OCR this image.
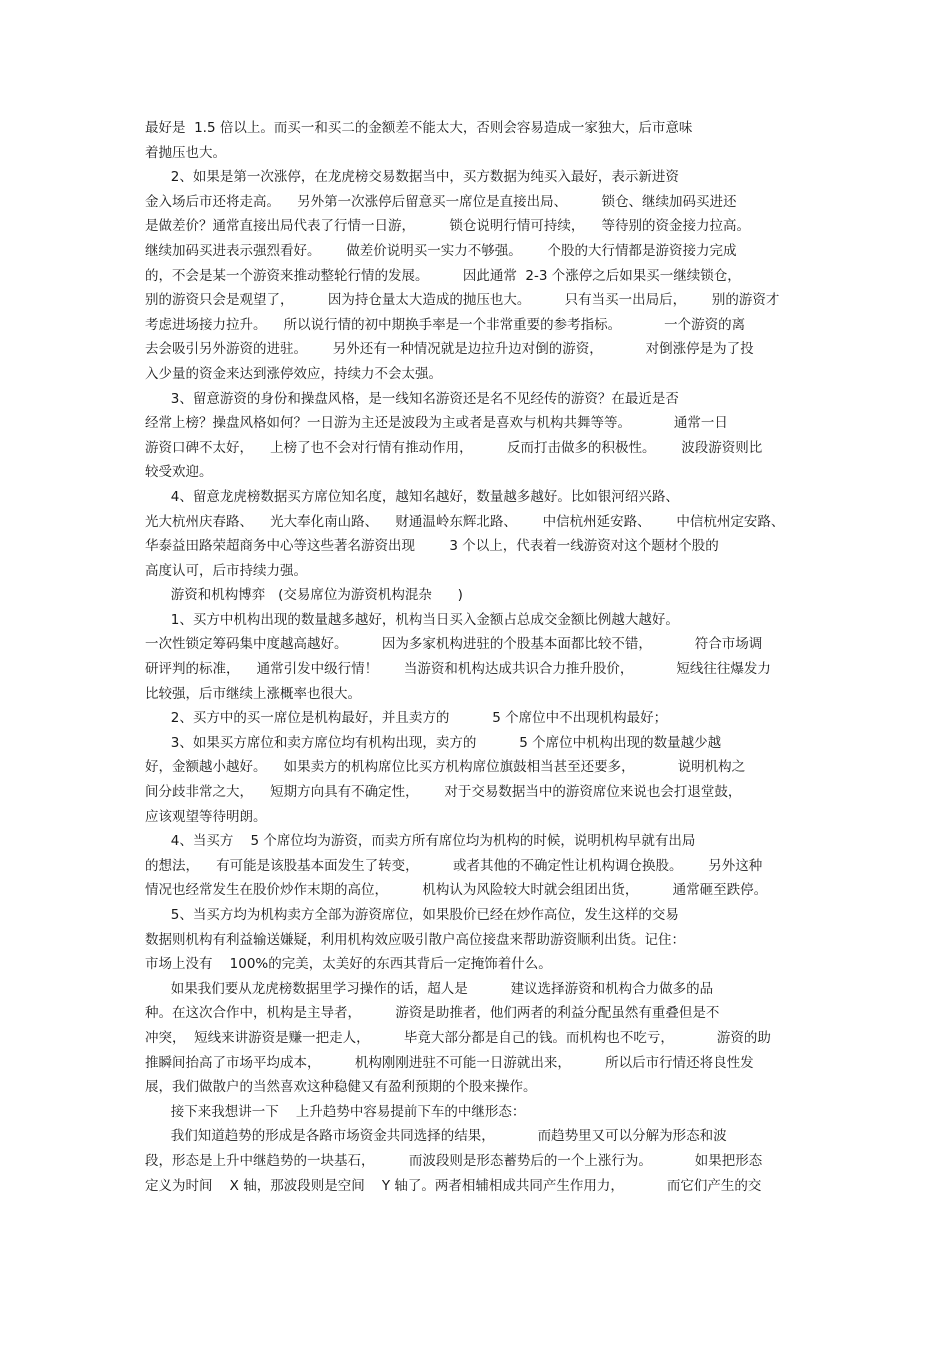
最好是  1.5 倍以上。而买一和买二的金额差不能太大，否则会容易造成一家独大，后市意味
着抛压也大。
2、如果是第一次涨停，在龙虎榜交易数据当中，买方数据为纯买入最好，表示新进资
金入场后市还将走高。    另外第一次涨停后留意买一席位是直接出局、        锁仓、继续加码买进还
是做差价？通常直接出局代表了行情一日游，        锁仓说明行情可持续，    等待别的资金接力拉高。
继续加码买进表示强烈看好。      做差价说明买一实力不够强。      个股的大行情都是游资接力完成
的，不会是某一个游资来推动整轮行情的发展。        因此通常  2-3 个涨停之后如果买一继续锁仓，
别的游资只会是观望了，        因为持仓量太大造成的抛压也大。        只有当买一出局后，      别的游资才
考虑进场接力拉升。    所以说行情的初中期换手率是一个非常重要的参考指标。          一个游资的离
去会吸引另外游资的进驻。      另外还有一种情况就是边拉升边对倒的游资，          对倒涨停是为了投
入少量的资金来达到涨停效应，持续力不会太强。
3、留意游资的身份和操盘风格，是一线知名游资还是名不见经传的游资？在最近是否
经常上榜？操盘风格如何？一日游为主还是波段为主或者是喜欢与机构共舞等等。          通常一日
游资口碑不太好，    上榜了也不会对行情有推动作用，        反而打击做多的积极性。      波段游资则比
较受欢迎。
4、留意龙虎榜数据买方席位知名度，越知名越好，数量越多越好。比如银河绍兴路、
光大杭州庆春路、    光大奉化南山路、    财通温岭东辉北路、      中信杭州延安路、      中信杭州定安路、
华泰益田路荣超商务中心等这些著名游资出现        3 个以上，代表着一线游资对这个题材个股的
高度认可，后市持续力强。
游资和机构博弈   (交易席位为游资机构混杂      )
1、买方中机构出现的数量越多越好，机构当日买入金额占总成交金额比例越大越好。
一次性锁定筹码集中度越高越好。        因为多家机构进驻的个股基本面都比较不错，          符合市场调
研评判的标准，    通常引发中级行情！      当游资和机构达成共识合力推升股价，          短线往往爆发力
比较强，后市继续上涨概率也很大。
2、买方中的买一席位是机构最好，并且卖方的          5 个席位中不出现机构最好；
3、如果买方席位和卖方席位均有机构出现，卖方的          5 个席位中机构出现的数量越少越
好，金额越小越好。    如果卖方的机构席位比买方机构席位旗鼓相当甚至还要多，          说明机构之
间分歧非常之大，    短期方向具有不确定性，      对于交易数据当中的游资席位来说也会打退堂鼓，
应该观望等待明朗。
4、当买方    5 个席位均为游资，而卖方所有席位均为机构的时候，说明机构早就有出局
的想法，    有可能是该股基本面发生了转变，        或者其他的不确定性让机构调仓换股。      另外这种
情况也经常发生在股价炒作末期的高位，        机构认为风险较大时就会组团出货，        通常砸至跌停。
5、当买方均为机构卖方全部为游资席位，如果股价已经在炒作高位，发生这样的交易
数据则机构有利益输送嫌疑，利用机构效应吸引散户高位接盘来帮助游资顺利出货。记住：
市场上没有    100%的完美，太美好的东西其背后一定掩饰着什么。
如果我们要从龙虎榜数据里学习操作的话，超人是          建议选择游资和机构合力做多的品
种。在这次合作中，机构是主导者，        游资是助推者，他们两者的利益分配虽然有重叠但是不
冲突，  短线来讲游资是赚一把走人，        毕竟大部分都是自己的钱。而机构也不吃亏，          游资的助
推瞬间抬高了市场平均成本，        机构刚刚进驻不可能一日游就出来，        所以后市行情还将良性发
展，我们做散户的当然喜欢这种稳健又有盈利预期的个股来操作。
接下来我想讲一下    上升趋势中容易提前下车的中继形态：
我们知道趋势的形成是各路市场资金共同选择的结果，          而趋势里又可以分解为形态和波
段，形态是上升中继趋势的一块基石，        而波段则是形态蓄势后的一个上涨行为。          如果把形态
定义为时间    X 轴，那波段则是空间    Y 轴了。两者相辅相成共同产生作用力，          而它们产生的交
